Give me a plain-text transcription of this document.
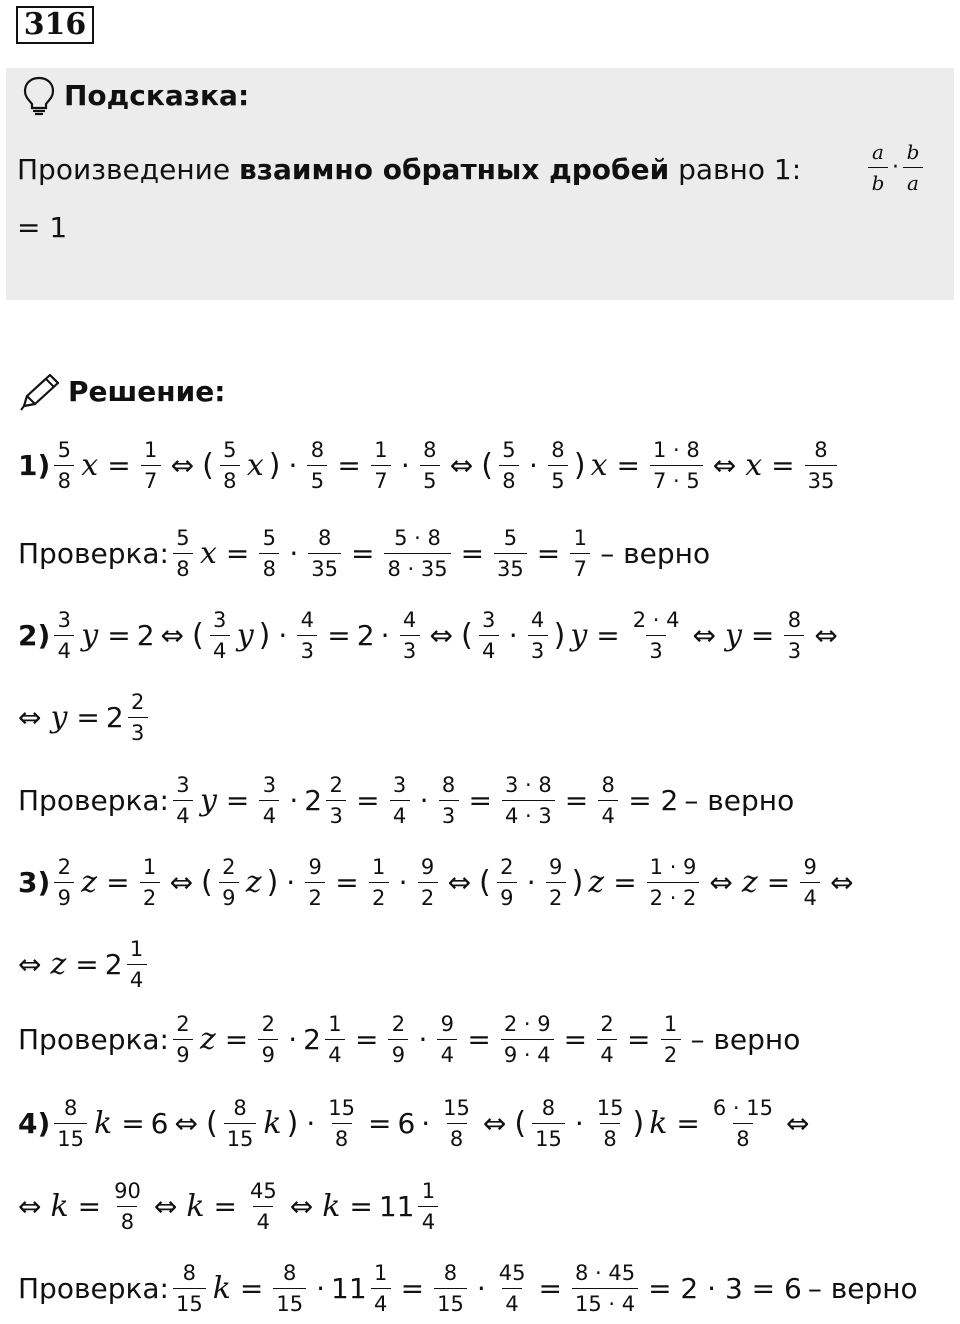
316
Подсказка:
Произведение взаимно обратных дробей равно 1:
= 1
$\frac{a}{b} \cdot \frac{b}{a}$
Решение:
$1) \frac{5}{8}$ $x = \frac{1}{7}$ ⇔ ( $\frac{5}{8}$ x ) · $\frac{8}{5} = \frac{1}{7} \cdot \frac{8}{5}$ ⇔ ( $\frac{5}{8} \cdot \frac{8}{5}$ ) $x = \frac{1 \cdot 8}{7 \cdot 5}$ ⇔ $x = \frac{8}{35}$
Проверка: $\frac{5}{8}$ $x = \frac{5}{8} \cdot \frac{8}{35} = \frac{5 \cdot 8}{8 \cdot 35} = \frac{5}{35} = \frac{1}{7}$ – верно
$2) \frac{3}{4}$ y = 2 ⇔ ( $\frac{3}{4}$ y ) · $\frac{4}{3} = 2 \cdot \frac{4}{3}$ ⇔ ( $\frac{3}{4} \cdot \frac{4}{3}$ ) $y = \frac{2 \cdot 4}{3}$ ⇔ $y = \frac{8}{3}$ ⇔
⇔ $y = 2 \frac{2}{3}$
Проверка: $\frac{3}{4}$ $y = \frac{3}{4} \cdot 2 \frac{2}{3} = \frac{3}{4} \cdot \frac{8}{3} = \frac{3 \cdot 8}{4 \cdot 3} = \frac{8}{4} = 2$ – верно
$3) \frac{2}{9}$ $z = \frac{1}{2}$ ⇔ ( $\frac{2}{9}$ z ) · $\frac{9}{2} = \frac{1}{2} \cdot \frac{9}{2}$ ⇔ ( $\frac{2}{9} \cdot \frac{9}{2}$ ) $z = \frac{1 \cdot 9}{2 \cdot 2}$ ⇔ $z = \frac{9}{4}$ ⇔
⇔ $z = 2 \frac{1}{4}$
Проверка: $\frac{2}{9}$ $z = \frac{2}{9} \cdot 2 \frac{1}{4} = \frac{2}{9} \cdot \frac{9}{4} = \frac{2 \cdot 9}{9 \cdot 4} = \frac{2}{4} = \frac{1}{2}$ – верно
$4) \frac{8}{15}$ k = 6 ⇔ ( $\frac{8}{15}$ k ) · $\frac{15}{8} = 6 \cdot \frac{15}{8}$ ⇔ ( $\frac{8}{15} \cdot \frac{15}{8}$ ) $k = \frac{6 \cdot 15}{8}$ ⇔
⇔ $k = \frac{90}{8}$ ⇔ $k = \frac{45}{4}$ ⇔ $k = 11 \frac{1}{4}$
Проверка: $\frac{8}{15}$ $k = \frac{8}{15} \cdot 11 \frac{1}{4} = \frac{8}{15} \cdot \frac{45}{4} = \frac{8 \cdot 45}{15 \cdot 4} = 2 \cdot 3 = 6$ – верно
